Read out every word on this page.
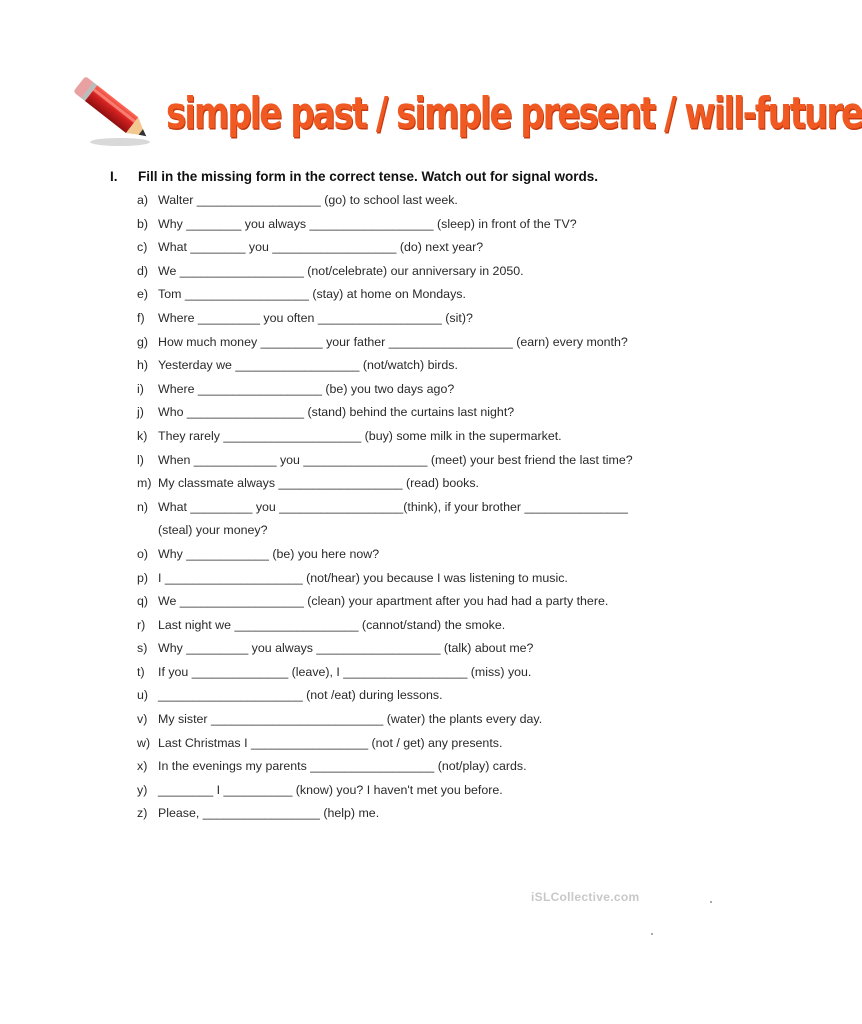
simple past / simple present / will-future
I. Fill in the missing form in the correct tense. Watch out for signal words.
a) Walter __________________ (go) to school last week.
b) Why ________ you always __________________ (sleep) in front of the TV?
c) What ________ you __________________ (do) next year?
d) We __________________ (not/celebrate) our anniversary in 2050.
e) Tom __________________ (stay) at home on Mondays.
f) Where _________ you often __________________ (sit)?
g) How much money _________ your father __________________ (earn) every month?
h) Yesterday we __________________ (not/watch) birds.
i) Where __________________ (be) you two days ago?
j) Who _________________ (stand) behind the curtains last night?
k) They rarely ____________________ (buy) some milk in the supermarket.
l) When ____________ you __________________ (meet) your best friend the last time?
m) My classmate always __________________ (read) books.
n) What _________ you __________________(think), if your brother _______________
(steal) your money?
o) Why ____________ (be) you here now?
p) I ____________________ (not/hear) you because I was listening to music.
q) We __________________ (clean) your apartment after you had had a party there.
r) Last night we __________________ (cannot/stand) the smoke.
s) Why _________ you always __________________ (talk) about me?
t) If you ______________ (leave), I __________________ (miss) you.
u) _____________________ (not /eat) during lessons.
v) My sister _________________________ (water) the plants every day.
w) Last Christmas I _________________ (not / get) any presents.
x) In the evenings my parents __________________ (not/play) cards.
y) ________ I __________ (know) you? I haven't met you before.
z) Please, _________________ (help) me.
iSLCollective.com
